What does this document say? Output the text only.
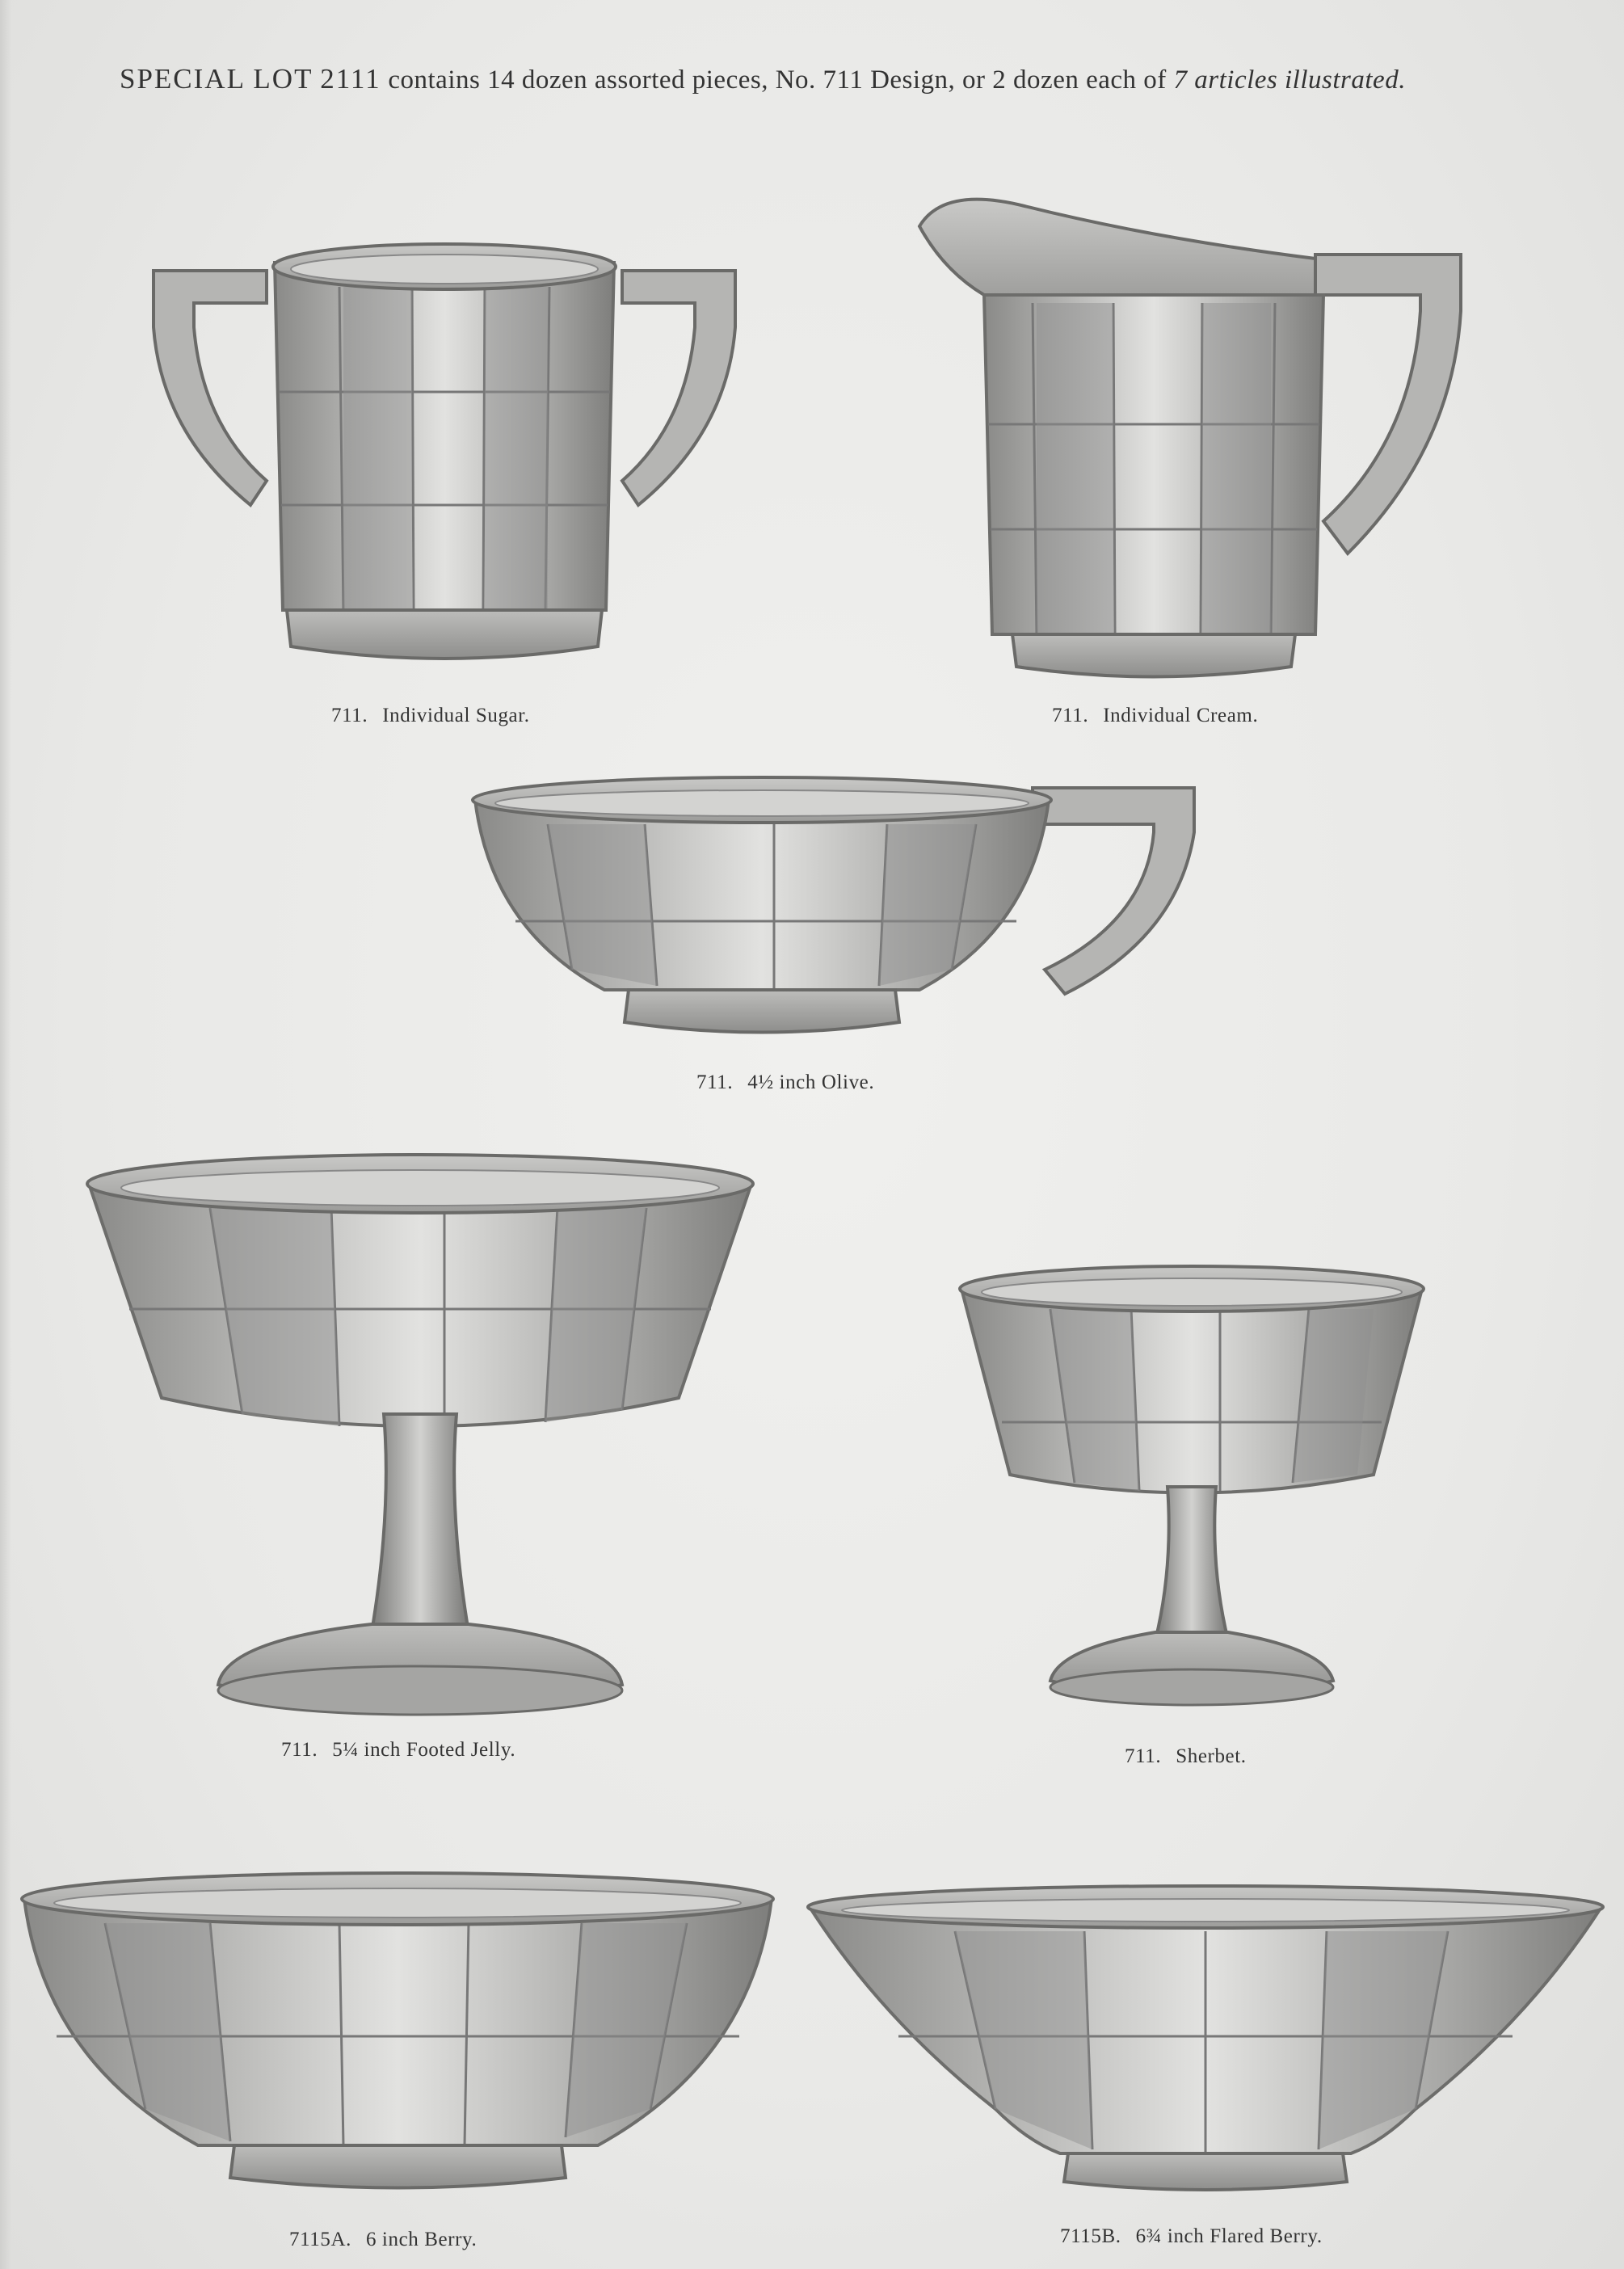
SPECIAL LOT 2111 contains 14 dozen assorted pieces, No. 711 Design, or 2 dozen each of 7 articles illustrated.
711. Individual Sugar.	711. Individual Cream.
711. 4½ inch Olive.
711. 5¼ inch Footed Jelly.	711. Sherbet.
7115A. 6 inch Berry.	7115B. 6¾ inch Flared Berry.
